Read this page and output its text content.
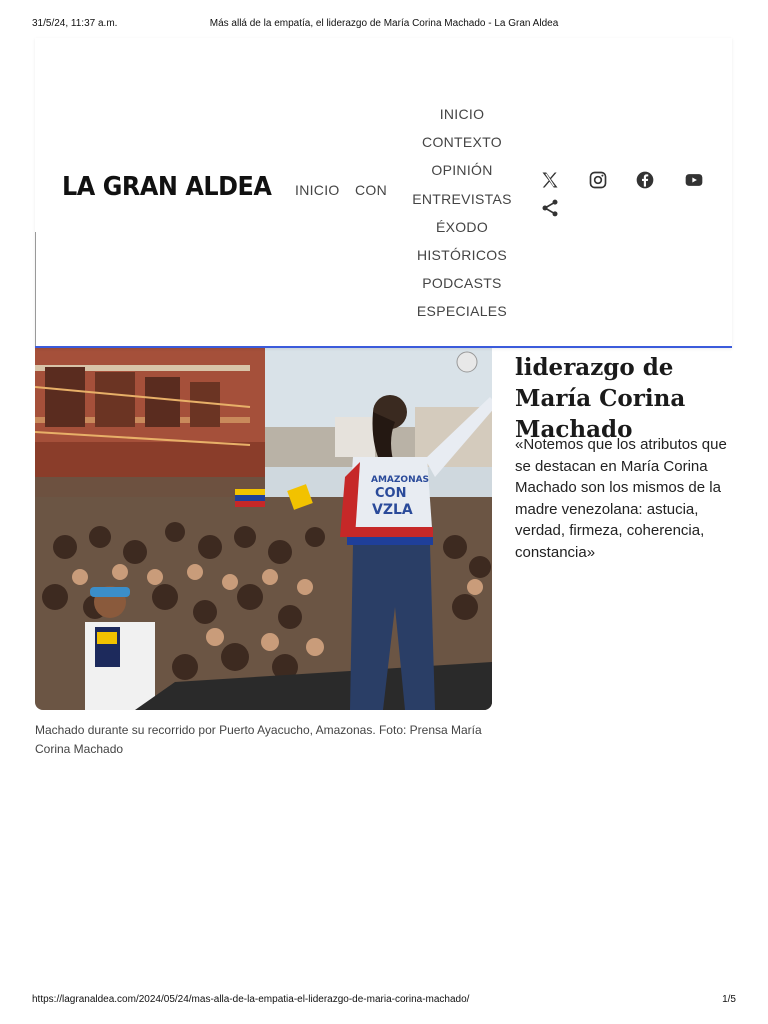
31/5/24, 11:37 a.m.	Más allá de la empatía, el liderazgo de María Corina Machado - La Gran Aldea
AMAZONAS
CON
VZLA
Machado durante su recorrido por Puerto Ayacucho, Amazonas. Foto: Prensa María Corina Machado
liderazgo de María Corina Machado

«Notemos que los atributos que se destacan en María Corina Machado son los mismos de la madre venezolana: astucia, verdad, firmeza, coherencia, constancia»

LA GRAN ALDEA INICIO CON
INICIO
CONTEXTO
OPINIÓN
ENTREVISTAS
ÉXODO
HISTÓRICOS
PODCASTS
ESPECIALES
https://lagranaldea.com/2024/05/24/mas-alla-de-la-empatia-el-liderazgo-de-maria-corina-machado/	1/5
